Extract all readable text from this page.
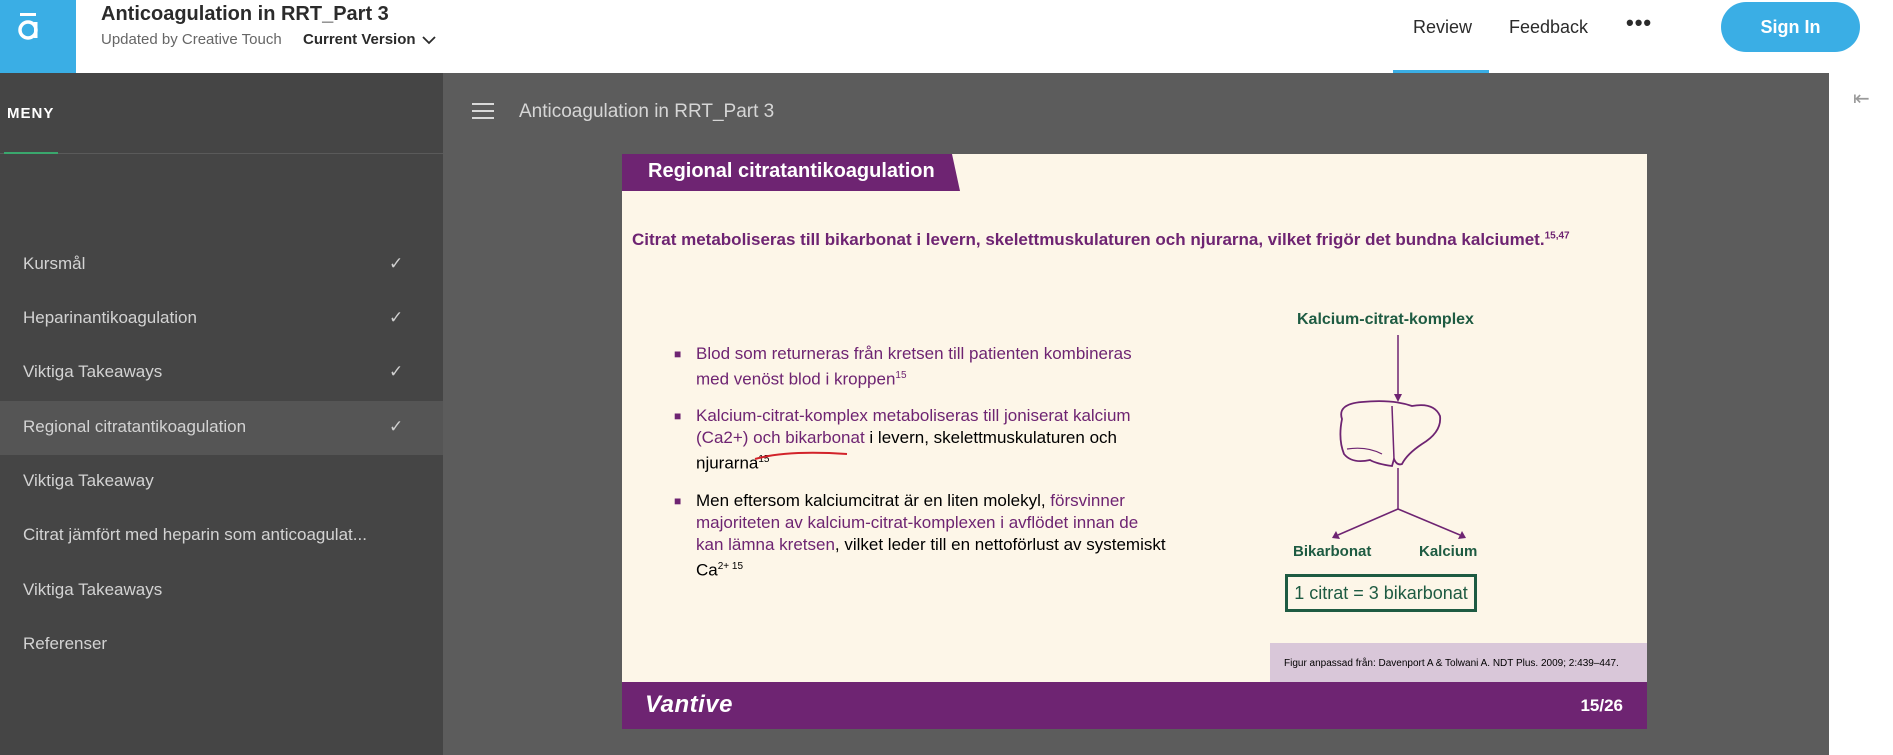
Anticoagulation in RRT_Part 3
Updated by Creative Touch Current Version
Review Feedback •••	Sign In
MENY
Kursmål	✓
Heparinantikoagulation	✓
Viktiga Takeaways	✓
Regional citratantikoagulation	✓
Viktiga Takeaway
Citrat jämfört med heparin som anticoagulat...
Viktiga Takeaways
Referenser
Anticoagulation in RRT_Part 3
⇤
Regional citratantikoagulation
Citrat metaboliseras till bikarbonat i levern, skelettmuskulaturen och njurarna, vilket frigör det bundna kalciumet.$^{15,47}$
■ Blod som returneras från kretsen till patienten kombineras med venöst blod i kroppen$^{15}$
■ Kalcium-citrat-komplex metaboliseras till joniserat kalcium (Ca2+) och bikarbonat i levern, skelettmuskulaturen och njurarna$^{15}$
■ Men eftersom kalciumcitrat är en liten molekyl, försvinner majoriteten av kalcium-citrat-komplexen i avflödet innan de kan lämna kretsen, vilket leder till en nettoförlust av systemiskt $Ca^{2+ 15}$
Kalcium-citrat-komplex
Bikarbonat	Kalcium
1 citrat = 3 bikarbonat
Figur anpassad från: Davenport A & Tolwani A. NDT Plus. 2009; 2:439–447.
Vantive	15/26
